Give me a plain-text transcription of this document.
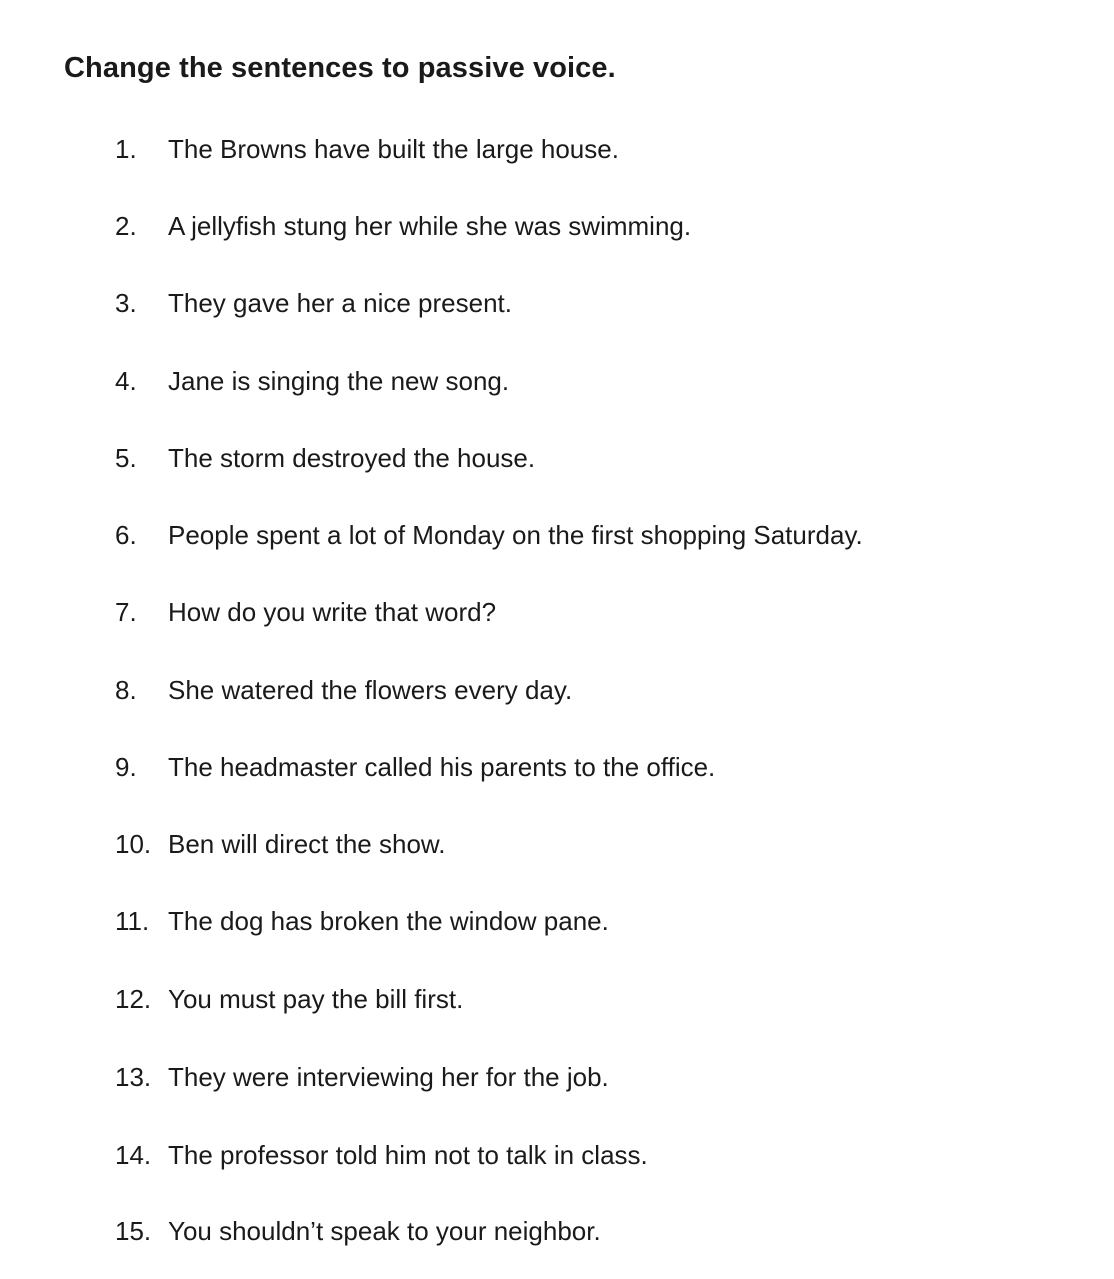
Change the sentences to passive voice.
1. The Browns have built the large house.
2. A jellyfish stung her while she was swimming.
3. They gave her a nice present.
4. Jane is singing the new song.
5. The storm destroyed the house.
6. People spent a lot of Monday on the first shopping Saturday.
7. How do you write that word?
8. She watered the flowers every day.
9. The headmaster called his parents to the office.
10. Ben will direct the show.
11. The dog has broken the window pane.
12. You must pay the bill first.
13. They were interviewing her for the job.
14. The professor told him not to talk in class.
15. You shouldn’t speak to your neighbor.
